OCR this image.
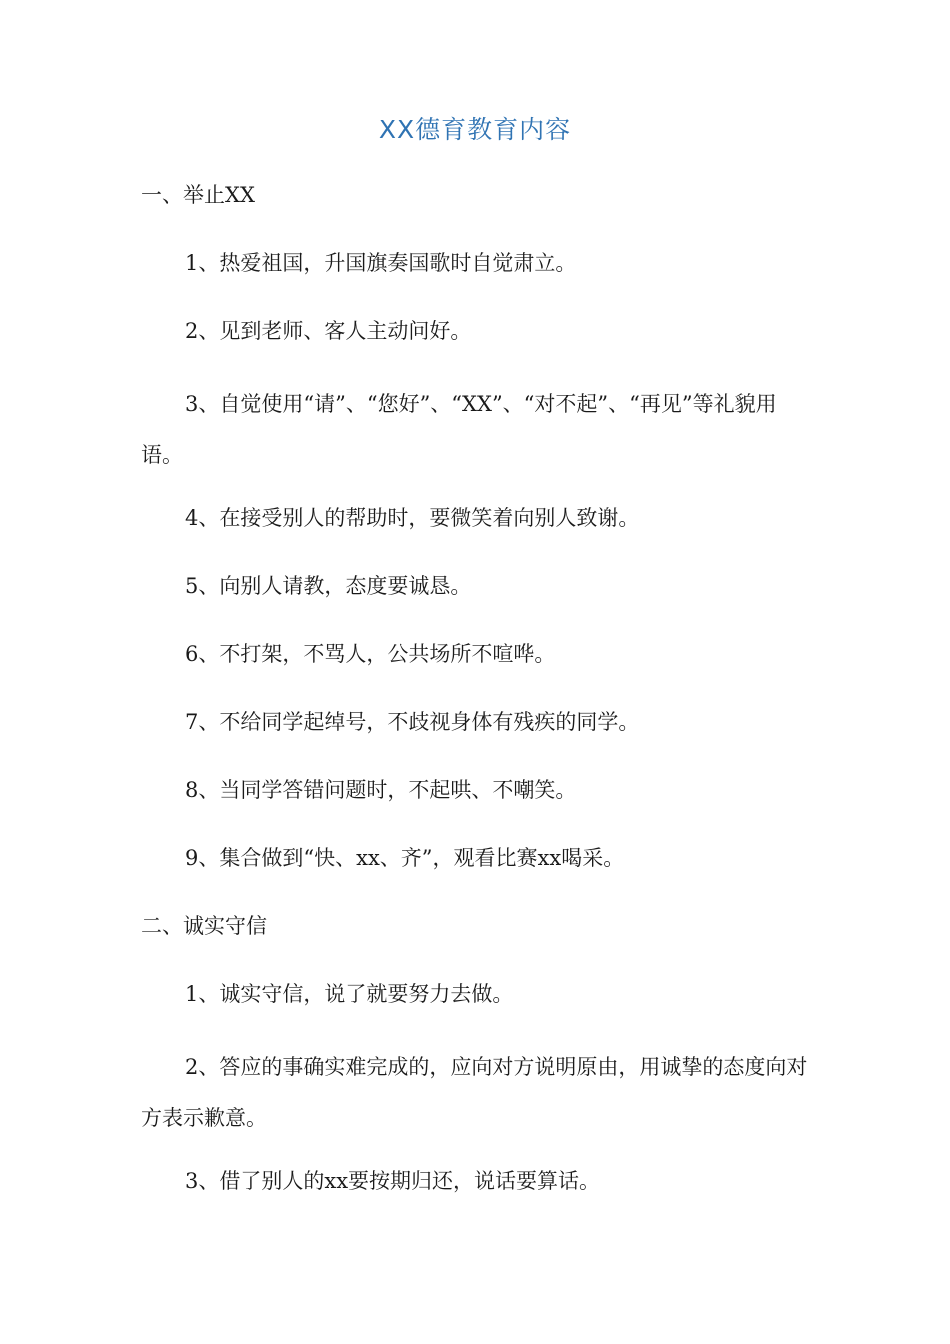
XX德育教育内容
一、举止XX
1、热爱祖国，升国旗奏国歌时自觉肃立。
2、见到老师、客人主动问好。
3、自觉使用“请”、“您好”、“XX”、“对不起”、“再见”等礼貌用语。
4、在接受别人的帮助时，要微笑着向别人致谢。
5、向别人请教，态度要诚恳。
6、不打架，不骂人，公共场所不喧哗。
7、不给同学起绰号，不歧视身体有残疾的同学。
8、当同学答错问题时，不起哄、不嘲笑。
9、集合做到“快、xx、齐”，观看比赛xx喝采。
二、诚实守信
1、诚实守信，说了就要努力去做。
2、答应的事确实难完成的，应向对方说明原由，用诚挚的态度向对方表示歉意。
3、借了别人的xx要按期归还，说话要算话。
